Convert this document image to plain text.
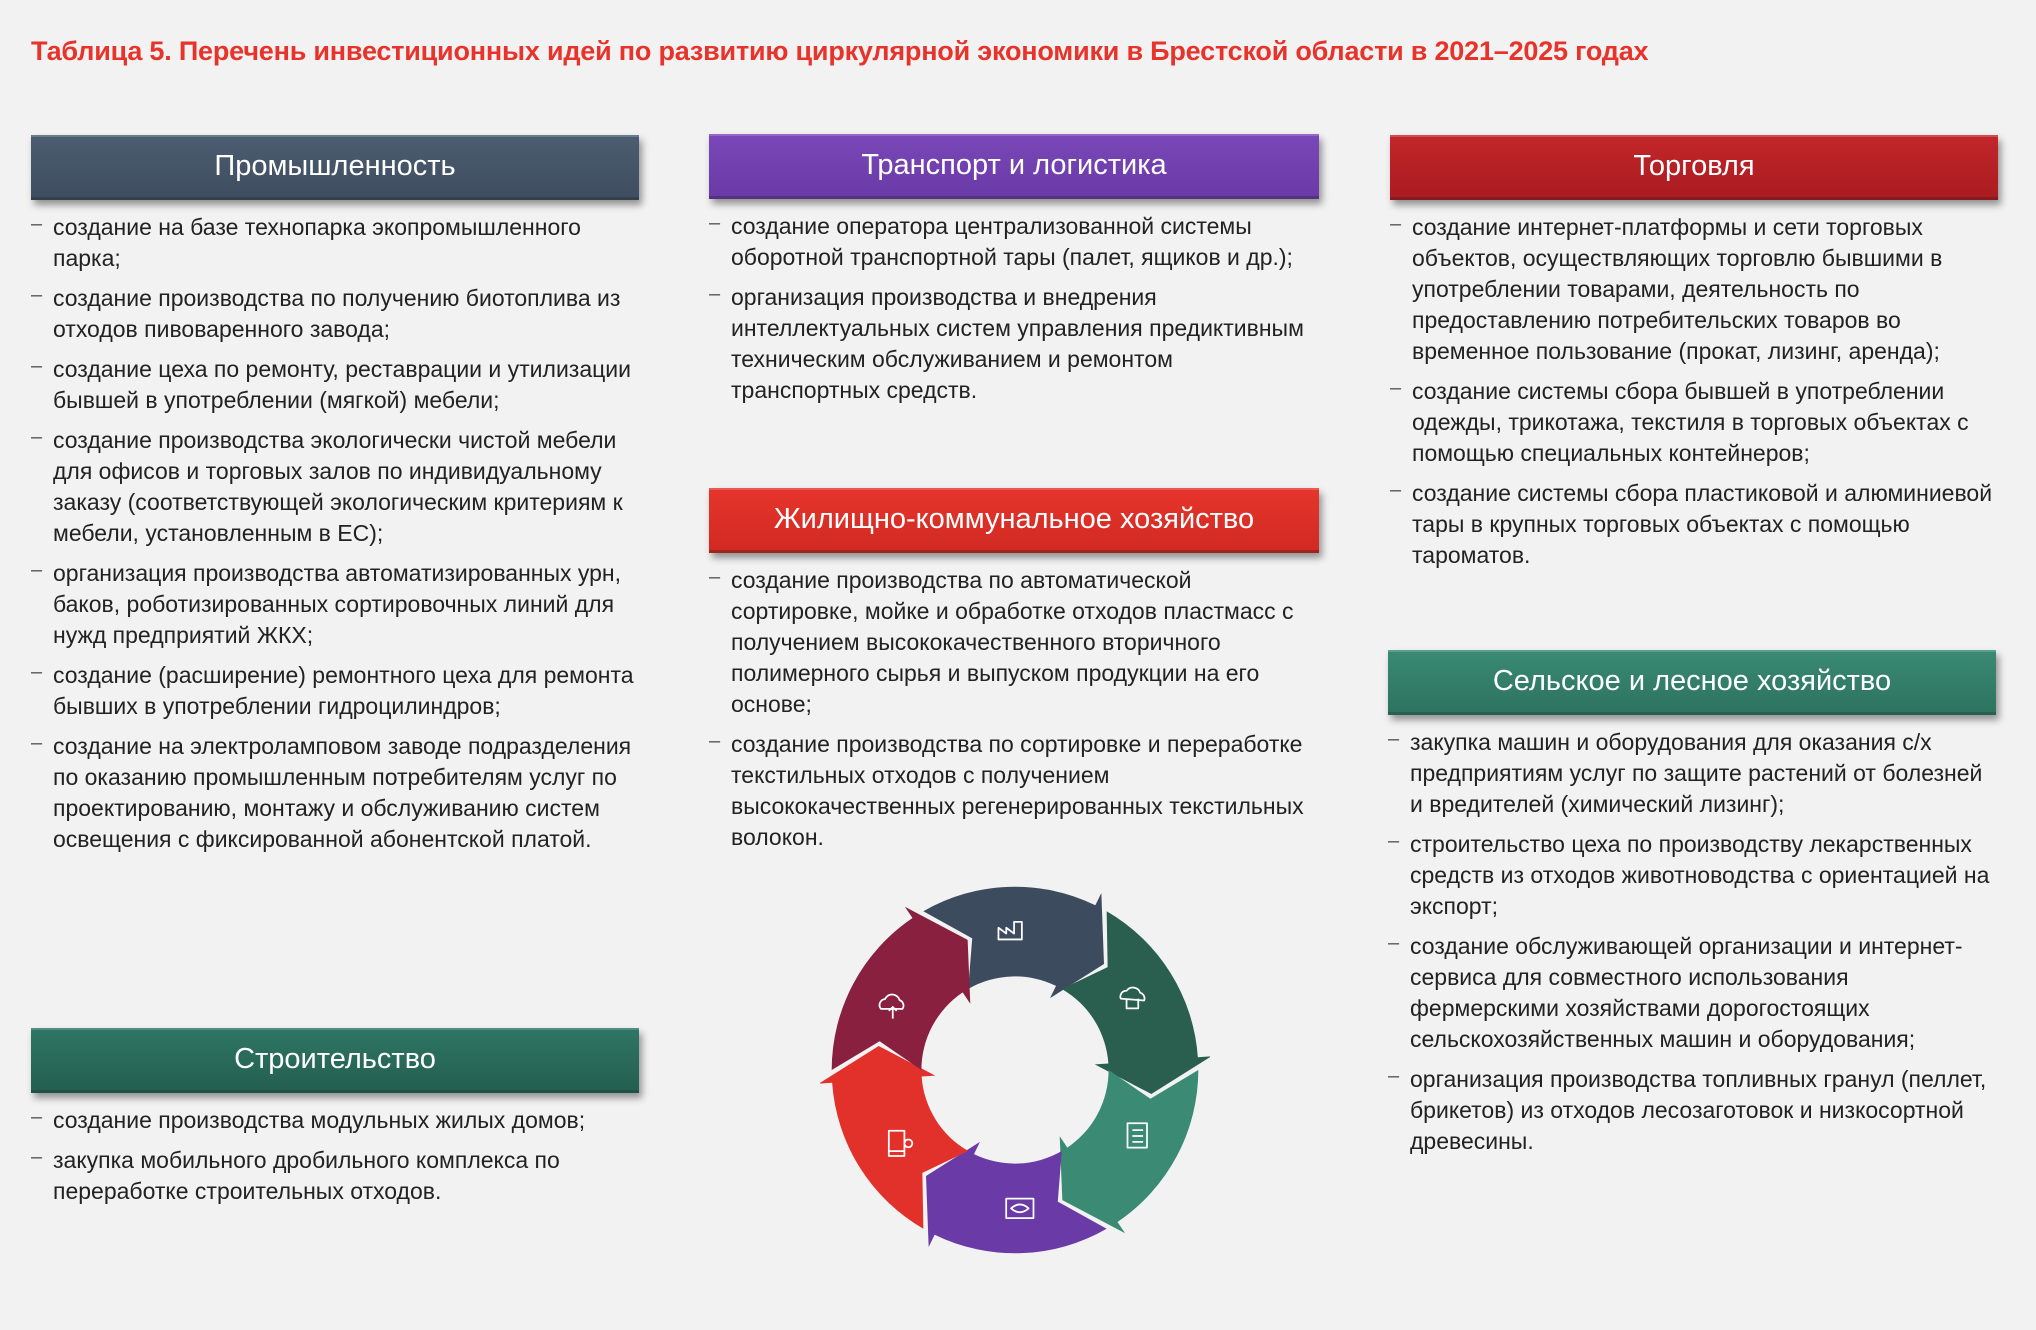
Таблица 5. Перечень инвестиционных идей по развитию циркулярной экономики в Брестской области в 2021–2025 годах
Промышленность
– создание на базе технопарка экопромышленного парка;
– создание производства по получению биотоплива из отходов пивоваренного завода;
– создание цеха по ремонту, реставрации и утилизации бывшей в употреблении (мягкой) мебели;
– создание производства экологически чистой мебели для офисов и торговых залов по индивидуальному заказу (соответствующей экологическим критериям к мебели, установленным в ЕС);
– организация производства автоматизированных урн, баков, роботизированных сортировочных линий для нужд предприятий ЖКХ;
– создание (расширение) ремонтного цеха для ремонта бывших в употреблении гидроцилиндров;
– создание на электроламповом заводе подразделения по оказанию промышленным потребителям услуг по проектированию, монтажу и обслуживанию систем освещения с фиксированной абонентской платой.
Строительство
– создание производства модульных жилых домов;
– закупка мобильного дробильного комплекса по переработке строительных отходов.
Транспорт и логистика
– создание оператора централизованной системы оборотной транспортной тары (палет, ящиков и др.);
– организация производства и внедрения интеллектуальных систем управления предиктивным техническим обслуживанием и ремонтом транспортных средств.
Жилищно-коммунальное хозяйство
– создание производства по автоматической сортировке, мойке и обработке отходов пластмасс с получением высококачественного вторичного полимерного сырья и выпуском продукции на его основе;
– создание производства по сортировке и переработке текстильных отходов с получением высококачественных регенерированных текстильных волокон.
Торговля
– создание интернет-платформы и сети торговых объектов, осуществляющих торговлю бывшими в употреблении товарами, деятельность по предоставлению потребительских товаров во временное пользование (прокат, лизинг, аренда);
– создание системы сбора бывшей в употреблении одежды, трикотажа, текстиля в торговых объектах с помощью специальных контейнеров;
– создание системы сбора пластиковой и алюминиевой тары в крупных торговых объектах с помощью тароматов.
Сельское и лесное хозяйство
– закупка машин и оборудования для оказания с/х предприятиям услуг по защите растений от болезней и вредителей (химический лизинг);
– строительство цеха по производству лекарственных средств из отходов животноводства с ориентацией на экспорт;
– создание обслуживающей организации и интернет-сервиса для совместного использования фермерскими хозяйствами дорогостоящих сельскохозяйственных машин и оборудования;
– организация производства топливных гранул (пеллет, брикетов) из отходов лесозаготовок и низкосортной древесины.
